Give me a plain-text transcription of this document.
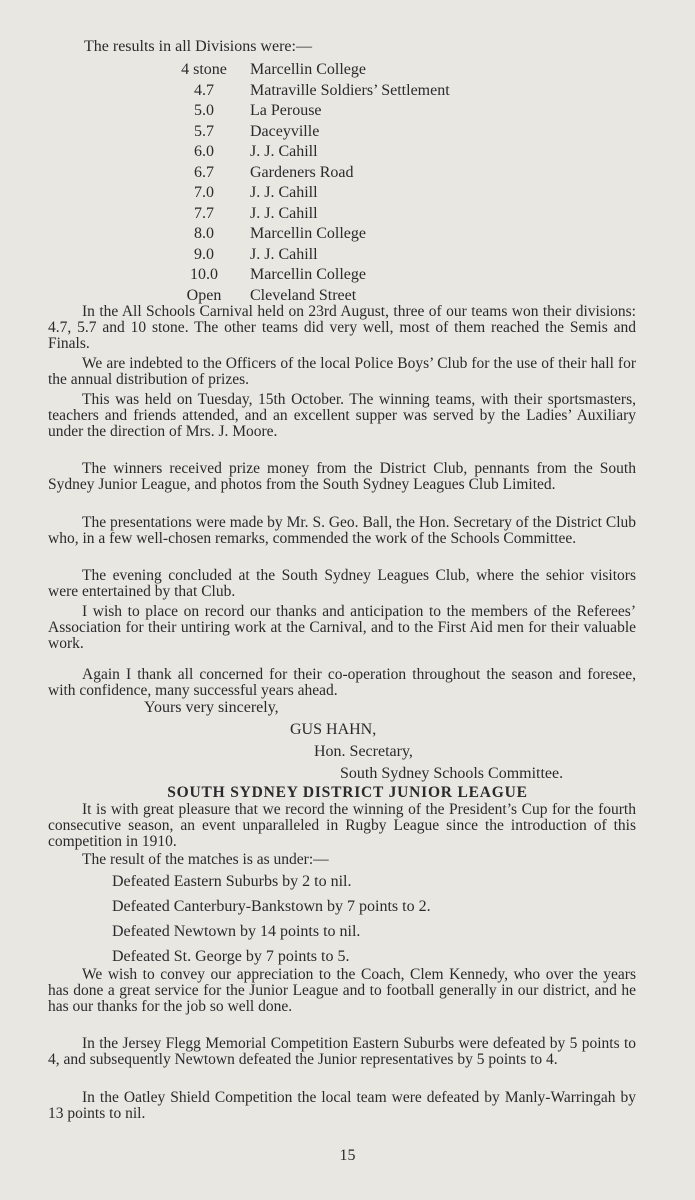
The results in all Divisions were:—

4 stone	Marcellin College
4.7	Matraville Soldiers’ Settlement
5.0	La Perouse
5.7	Daceyville
6.0	J. J. Cahill
6.7	Gardeners Road
7.0	J. J. Cahill
7.7	J. J. Cahill
8.0	Marcellin College
9.0	J. J. Cahill
10.0	Marcellin College
Open	Cleveland Street

In the All Schools Carnival held on 23rd August, three of our teams won their divisions: 4.7, 5.7 and 10 stone. The other teams did very well, most of them reached the Semis and Finals.

We are indebted to the Officers of the local Police Boys’ Club for the use of their hall for the annual distribution of prizes.

This was held on Tuesday, 15th October. The winning teams, with their sportsmasters, teachers and friends attended, and an excellent supper was served by the Ladies’ Auxiliary under the direction of Mrs. J. Moore.

The winners received prize money from the District Club, pennants from the South Sydney Junior League, and photos from the South Sydney Leagues Club Limited.

The presentations were made by Mr. S. Geo. Ball, the Hon. Secretary of the District Club who, in a few well-chosen remarks, commended the work of the Schools Committee.

The evening concluded at the South Sydney Leagues Club, where the sehior visitors were entertained by that Club.

I wish to place on record our thanks and anticipation to the members of the Referees’ Association for their untiring work at the Carnival, and to the First Aid men for their valuable work.

Again I thank all concerned for their co-operation throughout the season and foresee, with confidence, many successful years ahead.

Yours very sincerely,

GUS HAHN,

Hon. Secretary,

South Sydney Schools Committee.

SOUTH SYDNEY DISTRICT JUNIOR LEAGUE

It is with great pleasure that we record the winning of the President’s Cup for the fourth consecutive season, an event unparalleled in Rugby League since the introduction of this competition in 1910.

The result of the matches is as under:—

Defeated Eastern Suburbs by 2 to nil.

Defeated Canterbury-Bankstown by 7 points to 2.

Defeated Newtown by 14 points to nil.

Defeated St. George by 7 points to 5.

We wish to convey our appreciation to the Coach, Clem Kennedy, who over the years has done a great service for the Junior League and to football generally in our district, and he has our thanks for the job so well done.

In the Jersey Flegg Memorial Competition Eastern Suburbs were defeated by 5 points to 4, and subsequently Newtown defeated the Junior representatives by 5 points to 4.

In the Oatley Shield Competition the local team were defeated by Manly-Warringah by 13 points to nil.

15
